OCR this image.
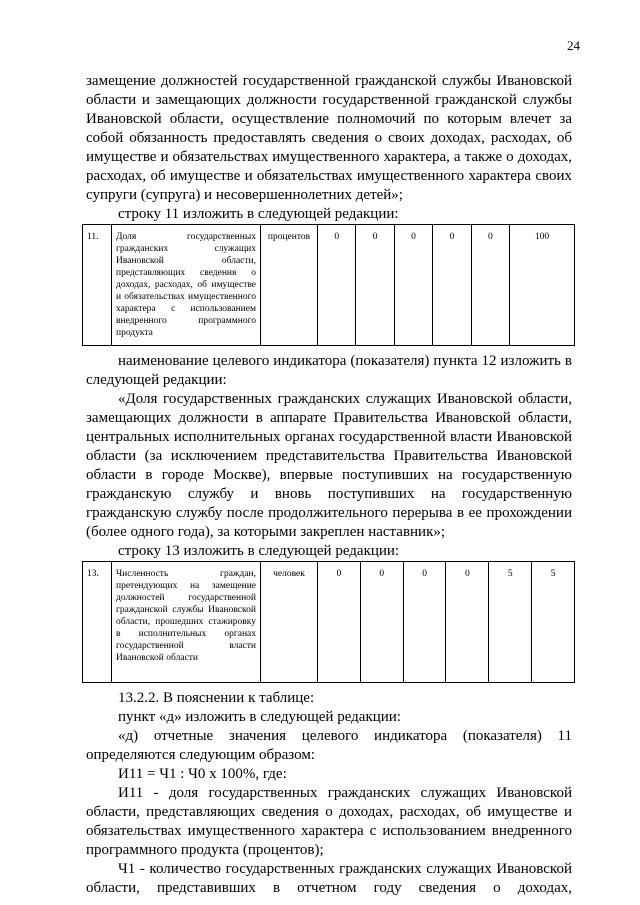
24

замещение должностей государственной гражданской службы Ивановской области и замещающих должности государственной гражданской службы Ивановской области, осуществление полномочий по которым влечет за собой обязанность предоставлять сведения о своих доходах, расходах, об имуществе и обязательствах имущественного характера, а также о доходах, расходах, об имуществе и обязательствах имущественного характера своих супруги (супруга) и несовершеннолетних детей»;

строку 11 изложить в следующей редакции:

11.	Доля государственных гражданских служащих Ивановской области, представляющих сведения о доходах, расходах, об имуществе и обязательствах имущественного характера с использованием внедренного программного продукта	процентов	0	0	0	0	0	100

наименование целевого индикатора (показателя) пункта 12 изложить в следующей редакции:

«Доля государственных гражданских служащих Ивановской области, замещающих должности в аппарате Правительства Ивановской области, центральных исполнительных органах государственной власти Ивановской области (за исключением представительства Правительства Ивановской области в городе Москве), впервые поступивших на государственную гражданскую службу и вновь поступивших на государственную гражданскую службу после продолжительного перерыва в ее прохождении (более одного года), за которыми закреплен наставник»;

строку 13 изложить в следующей редакции:

13.	Численность граждан, претендующих на замещение должностей государственной гражданской службы Ивановской области, прошедших стажировку в исполнительных органах государственной власти Ивановской области	человек	0	0	0	0	5	5

13.2.2. В пояснении к таблице:

пункт «д» изложить в следующей редакции:

«д) отчетные значения целевого индикатора (показателя) 11 определяются следующим образом:

И11 = Ч1 : Ч0 х 100%, где:

И11 - доля государственных гражданских служащих Ивановской области, представляющих сведения о доходах, расходах, об имуществе и обязательствах имущественного характера с использованием внедренного программного продукта (процентов);

Ч1 - количество государственных гражданских служащих Ивановской области, представивших в отчетном году сведения о доходах,
